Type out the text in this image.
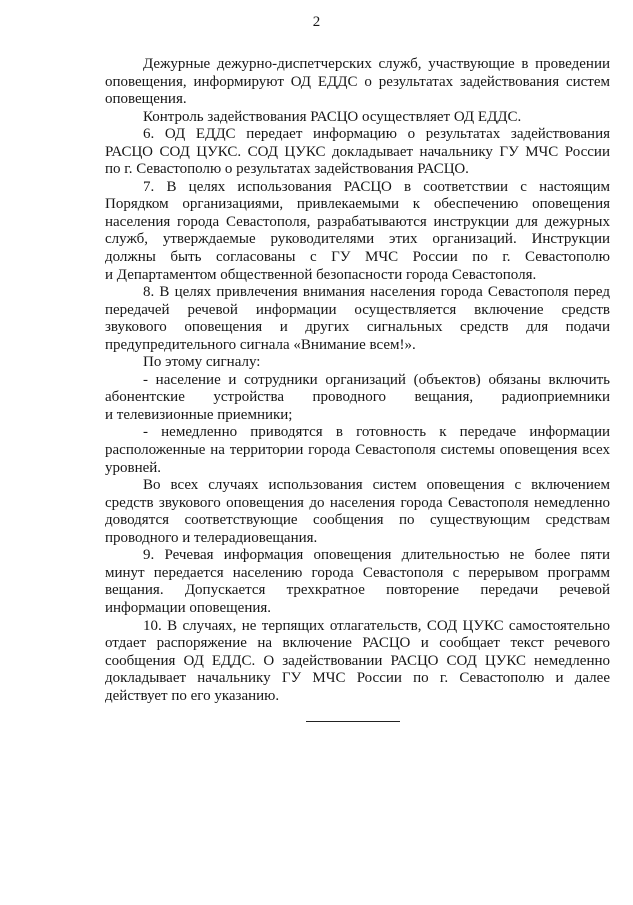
2
Дежурные дежурно-диспетчерских служб, участвующие в проведении
оповещения, информируют ОД ЕДДС о результатах задействования систем
оповещения.
Контроль задействования РАСЦО осуществляет ОД ЕДДС.
6. ОД ЕДДС передает информацию о результатах задействования
РАСЦО СОД ЦУКС. СОД ЦУКС докладывает начальнику ГУ МЧС России
по г. Севастополю о результатах задействования РАСЦО.
7. В целях использования РАСЦО в соответствии с настоящим
Порядком организациями, привлекаемыми к обеспечению оповещения
населения города Севастополя, разрабатываются инструкции для дежурных
служб, утверждаемые руководителями этих организаций. Инструкции
должны быть согласованы с ГУ МЧС России по г. Севастополю
и Департаментом общественной безопасности города Севастополя.
8. В целях привлечения внимания населения города Севастополя перед
передачей речевой информации осуществляется включение средств
звукового оповещения и других сигнальных средств для подачи
предупредительного сигнала «Внимание всем!».
По этому сигналу:
- население и сотрудники организаций (объектов) обязаны включить
абонентские устройства проводного вещания, радиоприемники
и телевизионные приемники;
- немедленно приводятся в готовность к передаче информации
расположенные на территории города Севастополя системы оповещения всех
уровней.
Во всех случаях использования систем оповещения с включением
средств звукового оповещения до населения города Севастополя немедленно
доводятся соответствующие сообщения по существующим средствам
проводного и телерадиовещания.
9. Речевая информация оповещения длительностью не более пяти
минут передается населению города Севастополя с перерывом программ
вещания. Допускается трехкратное повторение передачи речевой
информации оповещения.
10. В случаях, не терпящих отлагательств, СОД ЦУКС самостоятельно
отдает распоряжение на включение РАСЦО и сообщает текст речевого
сообщения ОД ЕДДС. О задействовании РАСЦО СОД ЦУКС немедленно
докладывает начальнику ГУ МЧС России по г. Севастополю и далее
действует по его указанию.
